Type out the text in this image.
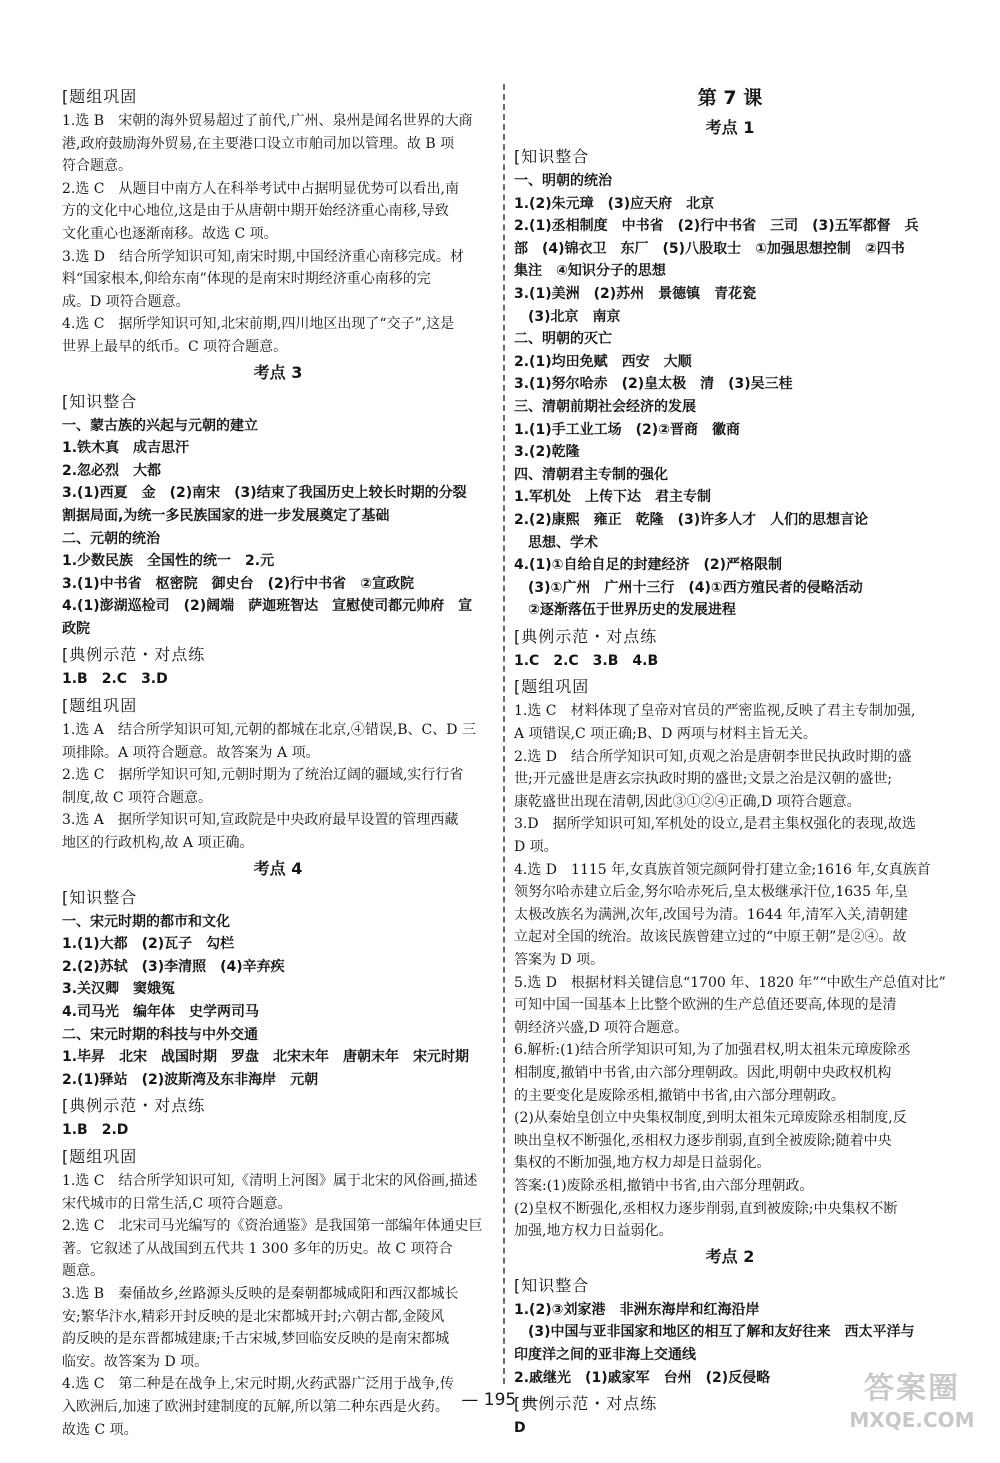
[题组巩固
1.选 B　宋朝的海外贸易超过了前代,广州、泉州是闻名世界的大商
港,政府鼓励海外贸易,在主要港口设立市舶司加以管理。故 B 项
符合题意。
2.选 C　从题目中南方人在科举考试中占据明显优势可以看出,南
方的文化中心地位,这是由于从唐朝中期开始经济重心南移,导致
文化重心也逐渐南移。故选 C 项。
3.选 D　结合所学知识可知,南宋时期,中国经济重心南移完成。材
料“国家根本,仰给东南”体现的是南宋时期经济重心南移的完
成。D 项符合题意。
4.选 C　据所学知识可知,北宋前期,四川地区出现了“交子”,这是
世界上最早的纸币。C 项符合题意。
考点 3
[知识整合
一、蒙古族的兴起与元朝的建立
1.铁木真　成吉思汗
2.忽必烈　大都
3.(1)西夏　金　(2)南宋　(3)结束了我国历史上较长时期的分裂
割据局面,为统一多民族国家的进一步发展奠定了基础
二、元朝的统治
1.少数民族　全国性的统一　2.元
3.(1)中书省　枢密院　御史台　(2)行中书省　②宣政院
4.(1)澎湖巡检司　(2)阔端　萨迦班智达　宣慰使司都元帅府　宣
政院
[典例示范・对点练
1.B　2.C　3.D
[题组巩固
1.选 A　结合所学知识可知,元朝的都城在北京,④错误,B、C、D 三
项排除。A 项符合题意。故答案为 A 项。
2.选 C　据所学知识可知,元朝时期为了统治辽阔的疆域,实行行省
制度,故 C 项符合题意。
3.选 A　据所学知识可知,宣政院是中央政府最早设置的管理西藏
地区的行政机构,故 A 项正确。
考点 4
[知识整合
一、宋元时期的都市和文化
1.(1)大都　(2)瓦子　勾栏
2.(2)苏轼　(3)李清照　(4)辛弃疾
3.关汉卿　窦娥冤
4.司马光　编年体　史学两司马
二、宋元时期的科技与中外交通
1.毕昇　北宋　战国时期　罗盘　北宋末年　唐朝末年　宋元时期
2.(1)驿站　(2)波斯湾及东非海岸　元朝
[典例示范・对点练
1.B　2.D
[题组巩固
1.选 C　结合所学知识可知,《清明上河图》属于北宋的风俗画,描述
宋代城市的日常生活,C 项符合题意。
2.选 C　北宋司马光编写的《资治通鉴》是我国第一部编年体通史巨
著。它叙述了从战国到五代共 1 300 多年的历史。故 C 项符合
题意。
3.选 B　秦俑故乡,丝路源头反映的是秦朝都城咸阳和西汉都城长
安;繁华汴水,精彩开封反映的是北宋都城开封;六朝古都,金陵风
韵反映的是东晋都城建康;千古宋城,梦回临安反映的是南宋都城
临安。故答案为 D 项。
4.选 C　第二种是在战争上,宋元时期,火药武器广泛用于战争,传
入欧洲后,加速了欧洲封建制度的瓦解,所以第二种东西是火药。
故选 C 项。
第 7 课
考点 1
[知识整合
一、明朝的统治
1.(2)朱元璋　(3)应天府　北京
2.(1)丞相制度　中书省　(2)行中书省　三司　(3)五军都督　兵
部　(4)锦衣卫　东厂　(5)八股取士　①加强思想控制　②四书
集注　④知识分子的思想
3.(1)美洲　(2)苏州　景德镇　青花瓷
　(3)北京　南京
二、明朝的灭亡
2.(1)均田免赋　西安　大顺
3.(1)努尔哈赤　(2)皇太极　清　(3)吴三桂
三、清朝前期社会经济的发展
1.(1)手工业工场　(2)②晋商　徽商
3.(2)乾隆
四、清朝君主专制的强化
1.军机处　上传下达　君主专制
2.(2)康熙　雍正　乾隆　(3)许多人才　人们的思想言论
　思想、学术
4.(1)①自给自足的封建经济　(2)严格限制
　(3)①广州　广州十三行　(4)①西方殖民者的侵略活动
　②逐渐落伍于世界历史的发展进程
[典例示范・对点练
1.C　2.C　3.B　4.B
[题组巩固
1.选 C　材料体现了皇帝对官员的严密监视,反映了君主专制加强,
A 项错误,C 项正确;B、D 两项与材料主旨无关。
2.选 D　结合所学知识可知,贞观之治是唐朝李世民执政时期的盛
世;开元盛世是唐玄宗执政时期的盛世;文景之治是汉朝的盛世;
康乾盛世出现在清朝,因此③①②④正确,D 项符合题意。
3.D　据所学知识可知,军机处的设立,是君主集权强化的表现,故选
D 项。
4.选 D　1115 年,女真族首领完颜阿骨打建立金;1616 年,女真族首
领努尔哈赤建立后金,努尔哈赤死后,皇太极继承汗位,1635 年,皇
太极改族名为满洲,次年,改国号为清。1644 年,清军入关,清朝建
立起对全国的统治。故该民族曾建立过的“中原王朝”是②④。故
答案为 D 项。
5.选 D　根据材料关键信息“1700 年、1820 年”“中欧生产总值对比”
可知中国一国基本上比整个欧洲的生产总值还要高,体现的是清
朝经济兴盛,D 项符合题意。
6.解析:(1)结合所学知识可知,为了加强君权,明太祖朱元璋废除丞
相制度,撤销中书省,由六部分理朝政。因此,明朝中央政权机构
的主要变化是废除丞相,撤销中书省,由六部分理朝政。
(2)从秦始皇创立中央集权制度,到明太祖朱元璋废除丞相制度,反
映出皇权不断强化,丞相权力逐步削弱,直到全被废除;随着中央
集权的不断加强,地方权力却是日益弱化。
答案:(1)废除丞相,撤销中书省,由六部分理朝政。
(2)皇权不断强化,丞相权力逐步削弱,直到被废除;中央集权不断
加强,地方权力日益弱化。
考点 2
[知识整合
1.(2)③刘家港　非洲东海岸和红海沿岸
　(3)中国与亚非国家和地区的相互了解和友好往来　西太平洋与
印度洋之间的亚非海上交通线
2.戚继光　(1)戚家军　台州　(2)反侵略
[典例示范・对点练
D
— 195 —	答案圈
MXQE.COM
